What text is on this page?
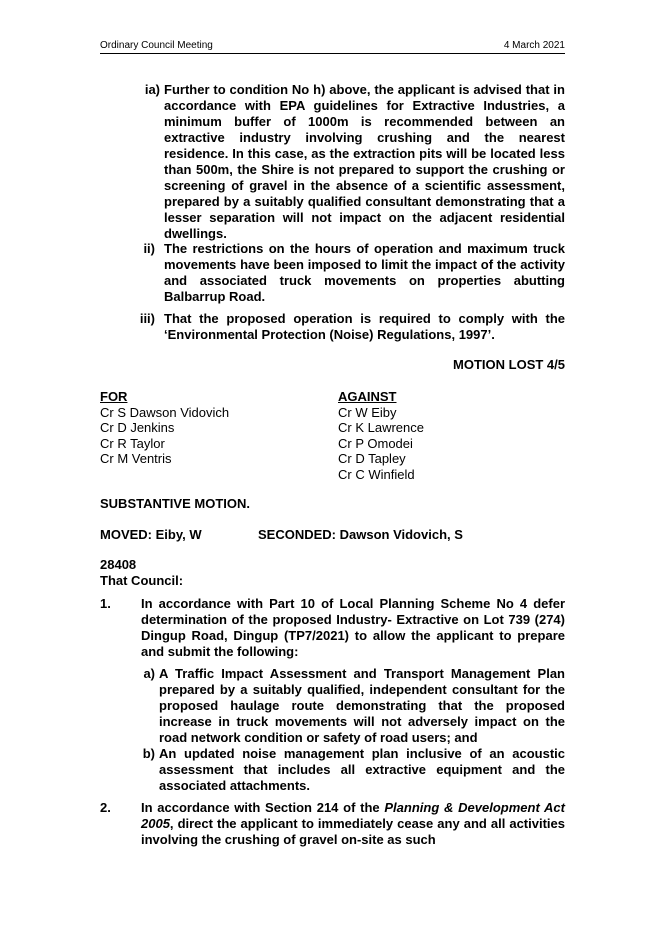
Ordinary Council Meeting	4 March 2021
ia) Further to condition No h) above, the applicant is advised that in accordance with EPA guidelines for Extractive Industries, a minimum buffer of 1000m is recommended between an extractive industry involving crushing and the nearest residence. In this case, as the extraction pits will be located less than 500m, the Shire is not prepared to support the crushing or screening of gravel in the absence of a scientific assessment, prepared by a suitably qualified consultant demonstrating that a lesser separation will not impact on the adjacent residential dwellings.
ii) The restrictions on the hours of operation and maximum truck movements have been imposed to limit the impact of the activity and associated truck movements on properties abutting Balbarrup Road.
iii) That the proposed operation is required to comply with the ‘Environmental Protection (Noise) Regulations, 1997’.
MOTION LOST 4/5
FOR
Cr S Dawson Vidovich
Cr D Jenkins
Cr R Taylor
Cr M Ventris
AGAINST
Cr W Eiby
Cr K Lawrence
Cr P Omodei
Cr D Tapley
Cr C Winfield
SUBSTANTIVE MOTION.
MOVED: Eiby, W	SECONDED: Dawson Vidovich, S
28408
That Council:
1. In accordance with Part 10 of Local Planning Scheme No 4 defer determination of the proposed Industry- Extractive on Lot 739 (274) Dingup Road, Dingup (TP7/2021) to allow the applicant to prepare and submit the following:
a) A Traffic Impact Assessment and Transport Management Plan prepared by a suitably qualified, independent consultant for the proposed haulage route demonstrating that the proposed increase in truck movements will not adversely impact on the road network condition or safety of road users; and
b) An updated noise management plan inclusive of an acoustic assessment that includes all extractive equipment and the associated attachments.
2. In accordance with Section 214 of the Planning & Development Act 2005, direct the applicant to immediately cease any and all activities involving the crushing of gravel on-site as such
